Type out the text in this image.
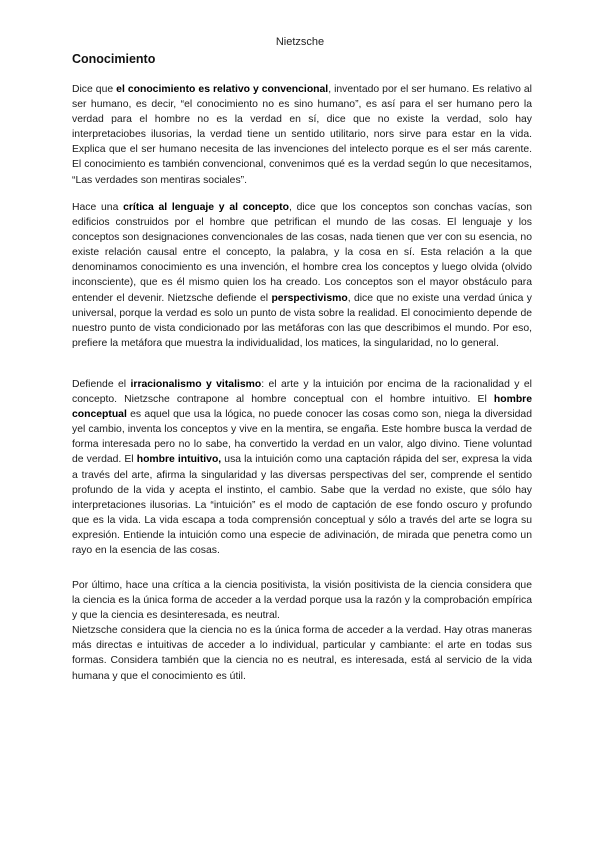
Nietzsche
Conocimiento

Dice que el conocimiento es relativo y convencional, inventado por el ser humano. Es relativo al ser humano, es decir, “el conocimiento no es sino humano”, es así para el ser humano pero la verdad para el hombre no es la verdad en sí, dice que no existe la verdad, solo hay interpretaciobes ilusorias, la verdad tiene un sentido utilitario, nors sirve para estar en la vida. Explica que el ser humano necesita de las invenciones del intelecto porque es el ser más carente. El conocimiento es también convencional, convenimos qué es la verdad según lo que necesitamos, “Las verdades son mentiras sociales”.

Hace una crítica al lenguaje y al concepto, dice que los conceptos son conchas vacías, son edificios construidos por el hombre que petrifican el mundo de las cosas. El lenguaje y los conceptos son designaciones convencionales de las cosas, nada tienen que ver con su esencia, no existe relación causal entre el concepto, la palabra, y la cosa en sí. Esta relación a la que denominamos conocimiento es una invención, el hombre crea los conceptos y luego olvida (olvido inconsciente), que es él mismo quien los ha creado. Los conceptos son el mayor obstáculo para entender el devenir. Nietzsche defiende el perspectivismo, dice que no existe una verdad única y universal, porque la verdad es solo un punto de vista sobre la realidad. El conocimiento depende de nuestro punto de vista condicionado por las metáforas con las que describimos el mundo. Por eso, prefiere la metáfora que muestra la individualidad, los matices, la singularidad, no lo general.

Defiende el irracionalismo y vitalismo: el arte y la intuición por encima de la racionalidad y el concepto. Nietzsche contrapone al hombre conceptual con el hombre intuitivo. El hombre conceptual es aquel que usa la lógica, no puede conocer las cosas como son, niega la diversidad yel cambio, inventa los conceptos y vive en la mentira, se engaña. Este hombre busca la verdad de forma interesada pero no lo sabe, ha convertido la verdad en un valor, algo divino. Tiene voluntad de verdad. El hombre intuitivo, usa la intuición como una captación rápida del ser, expresa la vida a través del arte, afirma la singularidad y las diversas perspectivas del ser, comprende el sentido profundo de la vida y acepta el instinto, el cambio. Sabe que la verdad no existe, que sólo hay interpretaciones ilusorias. La “intuición” es el modo de captación de ese fondo oscuro y profundo que es la vida. La vida escapa a toda comprensión conceptual y sólo a través del arte se logra su expresión. Entiende la intuición como una especie de adivinación, de mirada que penetra como un rayo en la esencia de las cosas.

Por último, hace una crítica a la ciencia positivista, la visión positivista de la ciencia considera que la ciencia es la única forma de acceder a la verdad porque usa la razón y la comprobación empírica y que la ciencia es desinteresada, es neutral.
Nietzsche considera que la ciencia no es la única forma de acceder a la verdad. Hay otras maneras más directas e intuitivas de acceder a lo individual, particular y cambiante: el arte en todas sus formas. Considera también que la ciencia no es neutral, es interesada, está al servicio de la vida humana y que el conocimiento es útil.
